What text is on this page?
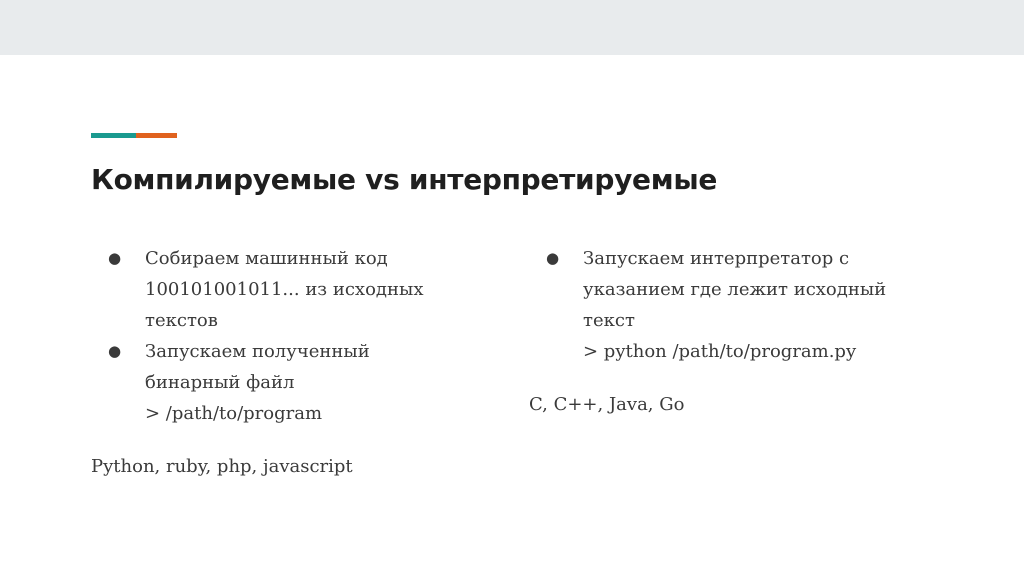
Компилируемые vs интерпретируемые
● Собираем машинный код
100101001011... из исходных
текстов
● Запускаем полученный
бинарный файл
> /path/to/program
Python, ruby, php, javascript
● Запускаем интерпретатор с
указанием где лежит исходный
текст
> python /path/to/program.py
C, C++, Java, Go
